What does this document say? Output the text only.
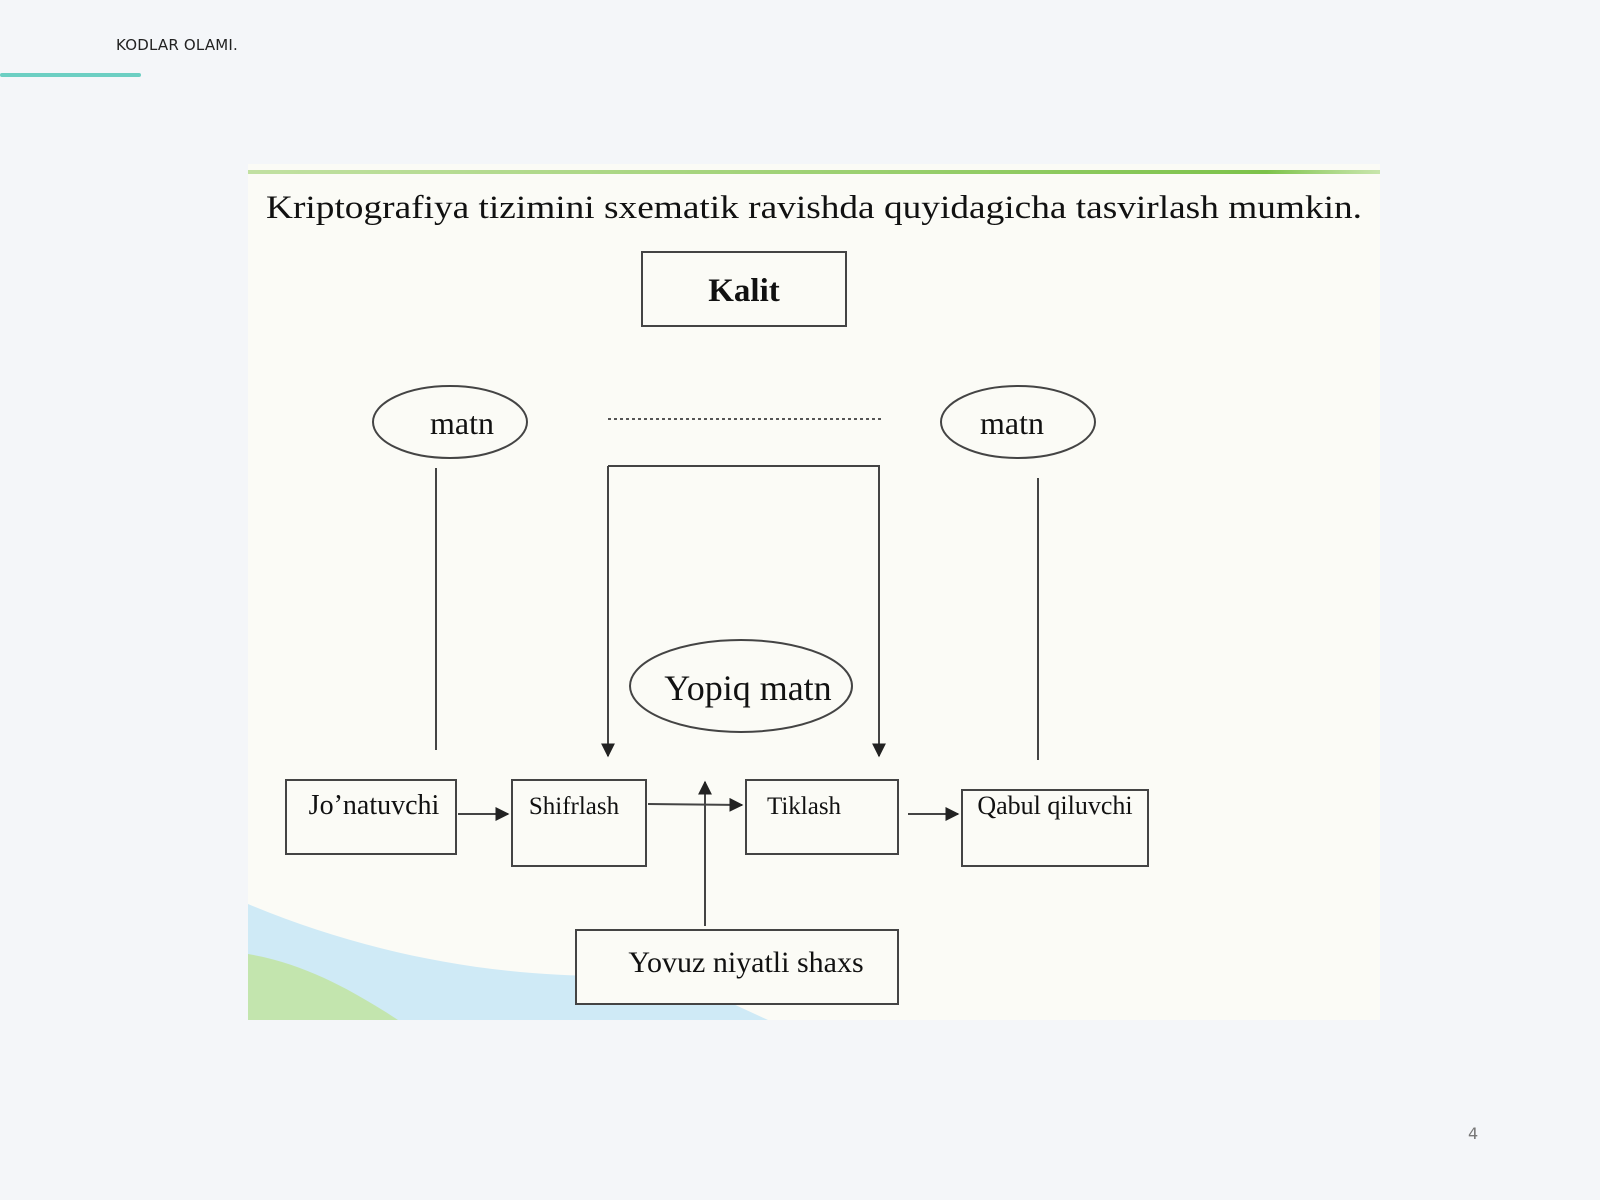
KODLAR OLAMI.
Kriptografiya tizimini sxematik ravishda quyidagicha tasvirlash mumkin.
Kalit
matn	matn
Yopiq matn
Jo’natuvchi	Shifrlash	Tiklash	Qabul qiluvchi
Yovuz niyatli shaxs
4
